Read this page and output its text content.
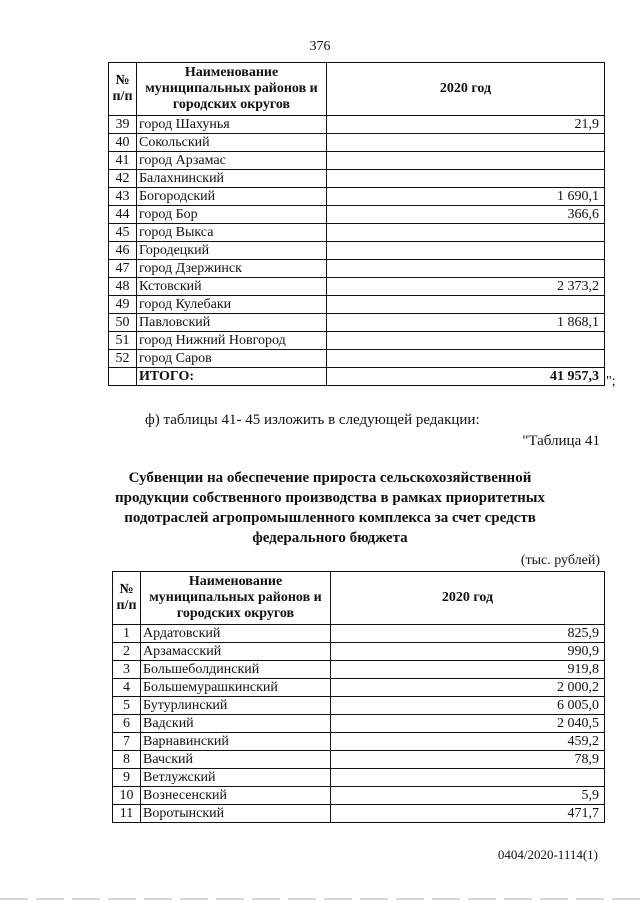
376
№ п/п	Наименование муниципальных районов и городских округов	2020 год
39	город Шахунья	21,9
40	Сокольский	
41	город Арзамас	
42	Балахнинский	
43	Богородский	1 690,1
44	город Бор	366,6
45	город Выкса	
46	Городецкий	
47	город Дзержинск	
48	Кстовский	2 373,2
49	город Кулебаки	
50	Павловский	1 868,1
51	город Нижний Новгород	
52	город Саров	
	ИТОГО:	41 957,3 ";
ф) таблицы 41- 45 изложить в следующей редакции:
"Таблица 41
Субвенции на обеспечение прироста сельскохозяйственной продукции собственного производства в рамках приоритетных подотраслей агропромышленного комплекса за счет средств федерального бюджета
(тыс. рублей)
№ п/п	Наименование муниципальных районов и городских округов	2020 год
1	Ардатовский	825,9
2	Арзамасский	990,9
3	Большеболдинский	919,8
4	Большемурашкинский	2 000,2
5	Бутурлинский	6 005,0
6	Вадский	2 040,5
7	Варнавинский	459,2
8	Вачский	78,9
9	Ветлужский	
10	Вознесенский	5,9
11	Воротынский	471,7
0404/2020-1114(1)
